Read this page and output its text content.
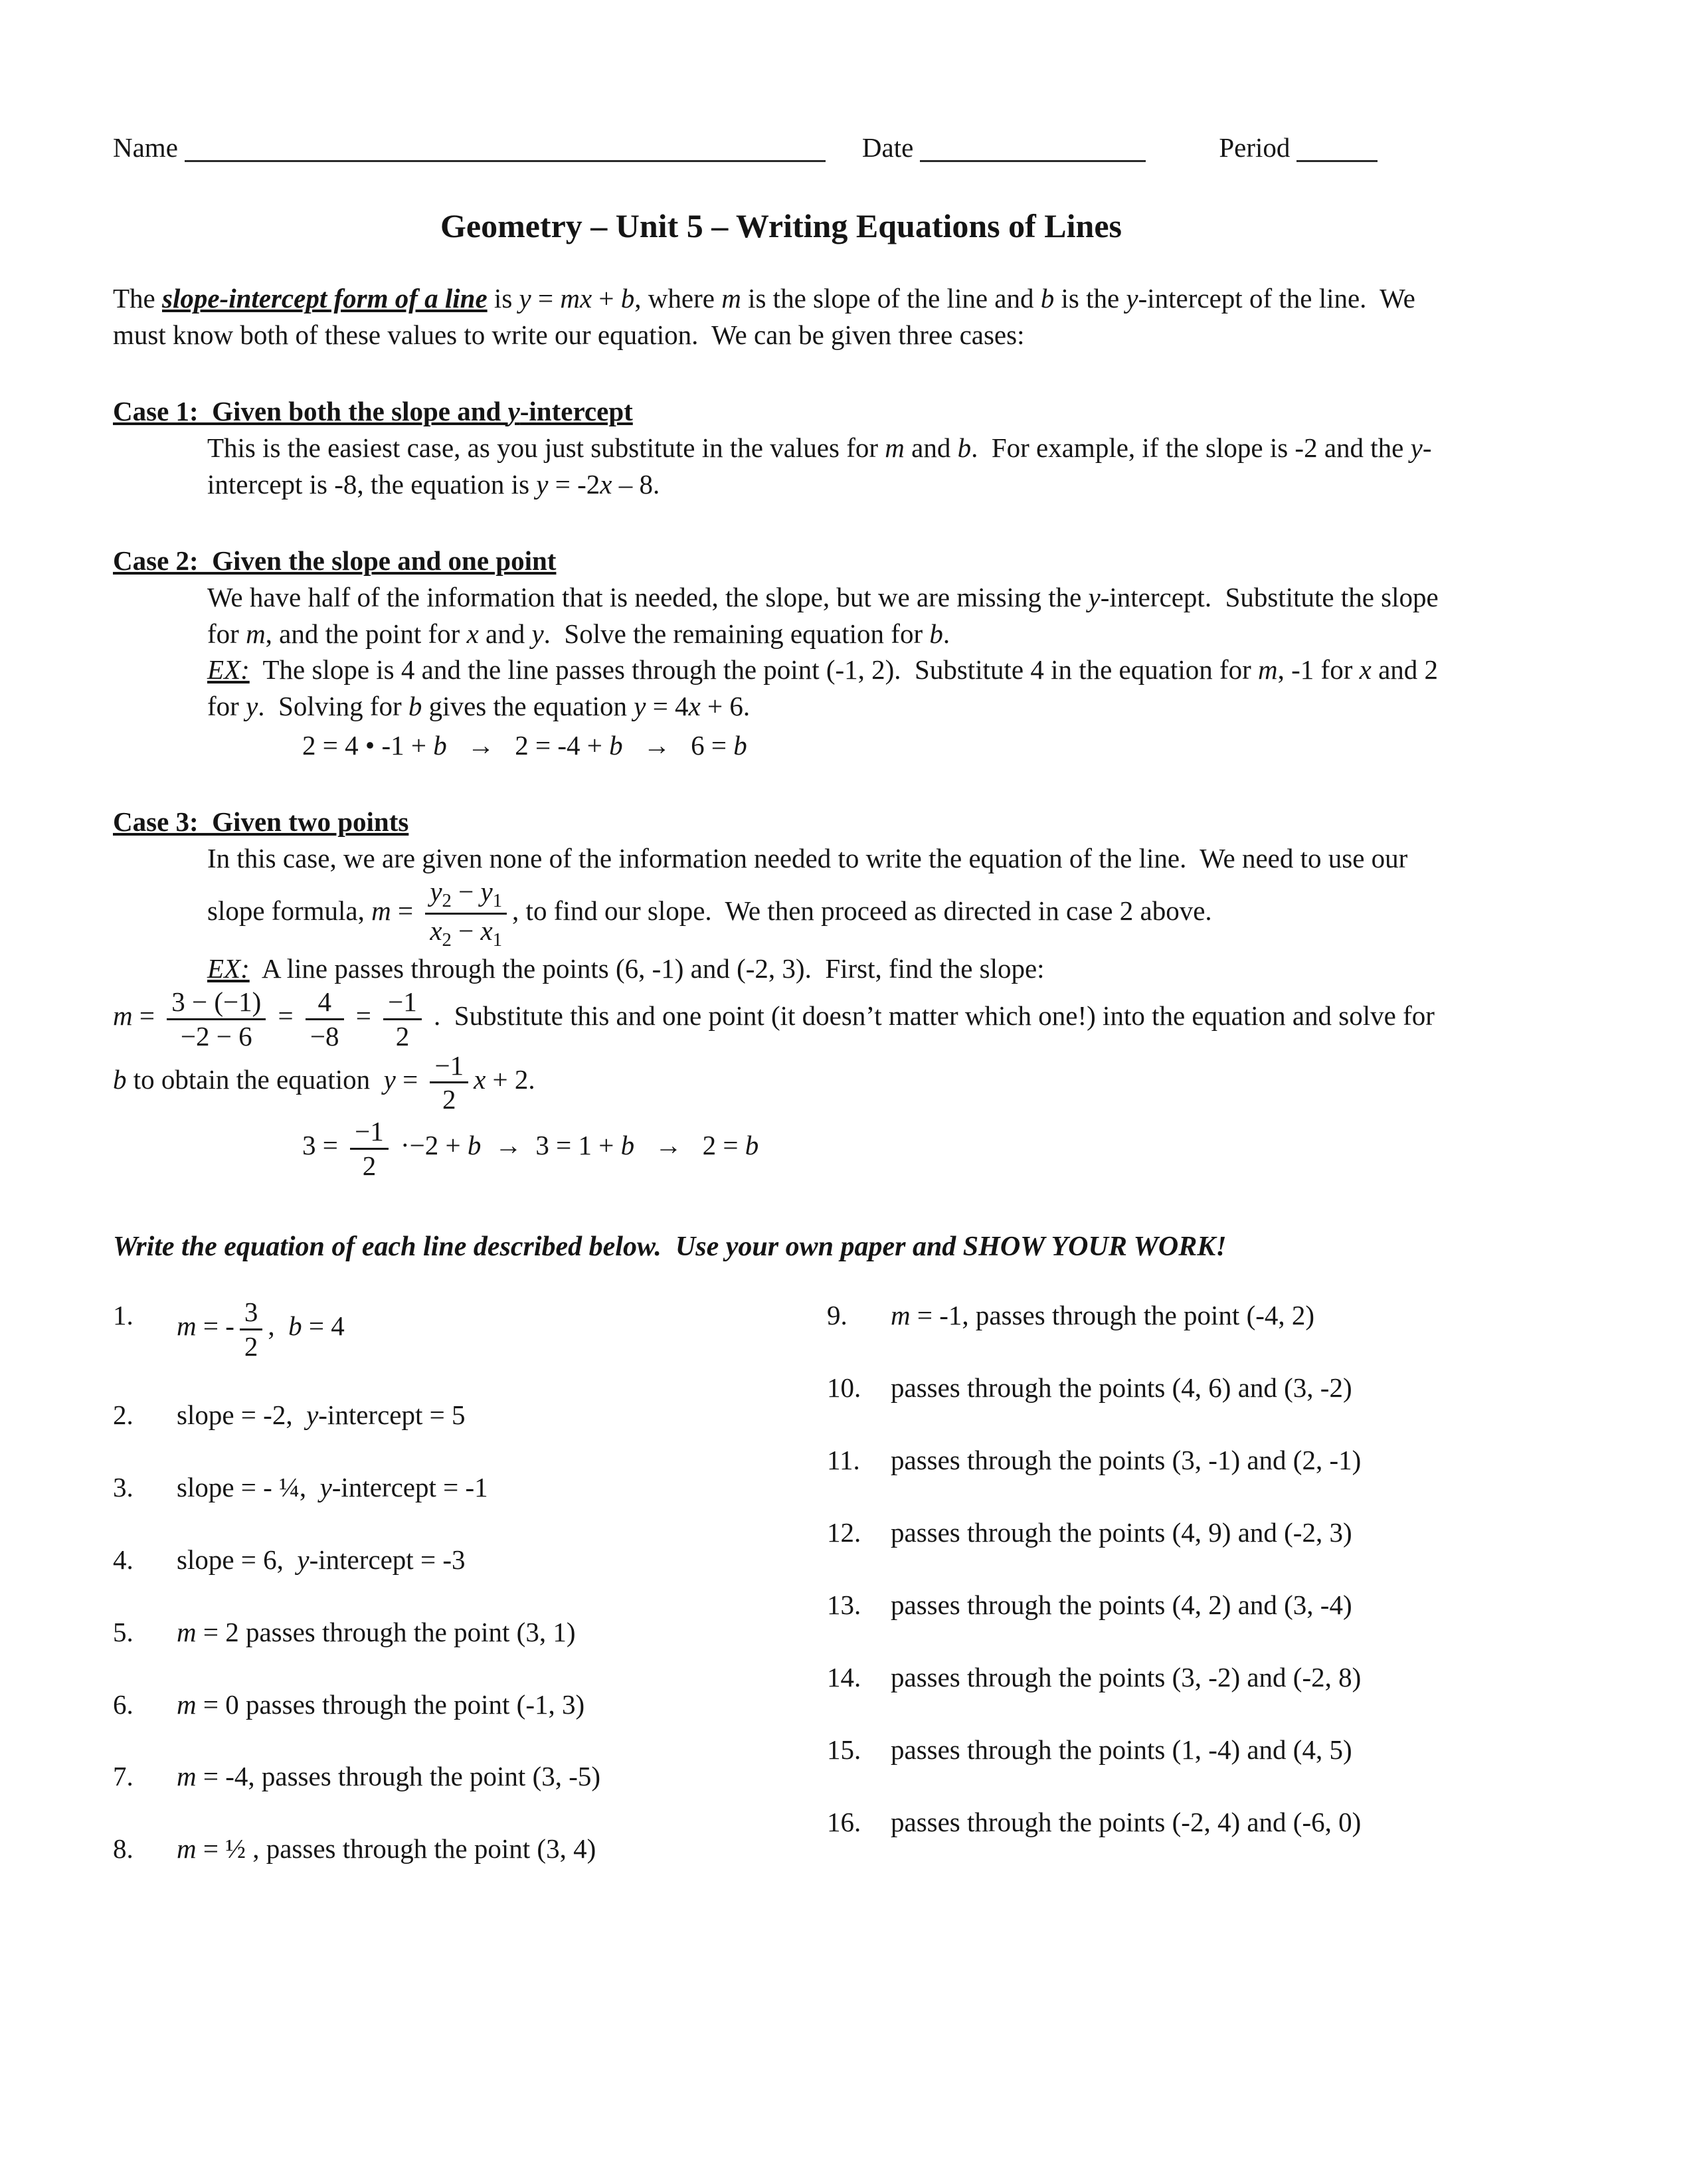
Name	Date	Period
Geometry – Unit 5 – Writing Equations of Lines

The slope-intercept form of a line is y = mx + b, where m is the slope of the line and b is the y-intercept of the line.  We must know both of these values to write our equation.  We can be given three cases:

Case 1:  Given both the slope and y-intercept

This is the easiest case, as you just substitute in the values for m and b.  For example, if the slope is -2 and the y-intercept is -8, the equation is y = -2x – 8.

Case 2:  Given the slope and one point

We have half of the information that is needed, the slope, but we are missing the y-intercept.  Substitute the slope for m, and the point for x and y.  Solve the remaining equation for b.

EX:  The slope is 4 and the line passes through the point (-1, 2).  Substitute 4 in the equation for m, -1 for x and 2 for y.  Solving for b gives the equation y = 4x + 6.

2 = 4 • -1 + b   →   2 = -4 + b   →   6 = b

Case 3:  Given two points

In this case, we are given none of the information needed to write the equation of the line.  We need to use our slope formula, $m = \frac{y_2 - y_1}{x_2 - x_1}$ , to find our slope.  We then proceed as directed in case 2 above.

EX:  A line passes through the points (6, -1) and (-2, 3).  First, find the slope:

$m = \frac{3 - (-1)}{-2 - 6} = \frac{4}{-8} = \frac{-1}{2}$ .  Substitute this and one point (it doesn’t matter which one!) into the equation and solve for b to obtain the equation  $y = \frac{-1}{2}$ x + 2.

$3 = \frac{-1}{2} \cdot-2 + b \to 3 = 1 + b \to 2 = b$

Write the equation of each line described below.  Use your own paper and SHOW YOUR WORK!

1.	m = - $\frac{3}{2}$ ,  b = 4
2.	slope = -2,  y-intercept = 5
3.	slope = - ¼,  y-intercept = -1
4.	slope = 6,  y-intercept = -3
5.	m = 2 passes through the point (3, 1)
6.	m = 0 passes through the point (-1, 3)
7.	m = -4, passes through the point (3, -5)
8.	m = ½ , passes through the point (3, 4)
9.	m = -1, passes through the point (-4, 2)
10.	passes through the points (4, 6) and (3, -2)
11.	passes through the points (3, -1) and (2, -1)
12.	passes through the points (4, 9) and (-2, 3)
13.	passes through the points (4, 2) and (3, -4)
14.	passes through the points (3, -2) and (-2, 8)
15.	passes through the points (1, -4) and (4, 5)
16.	passes through the points (-2, 4) and (-6, 0)
